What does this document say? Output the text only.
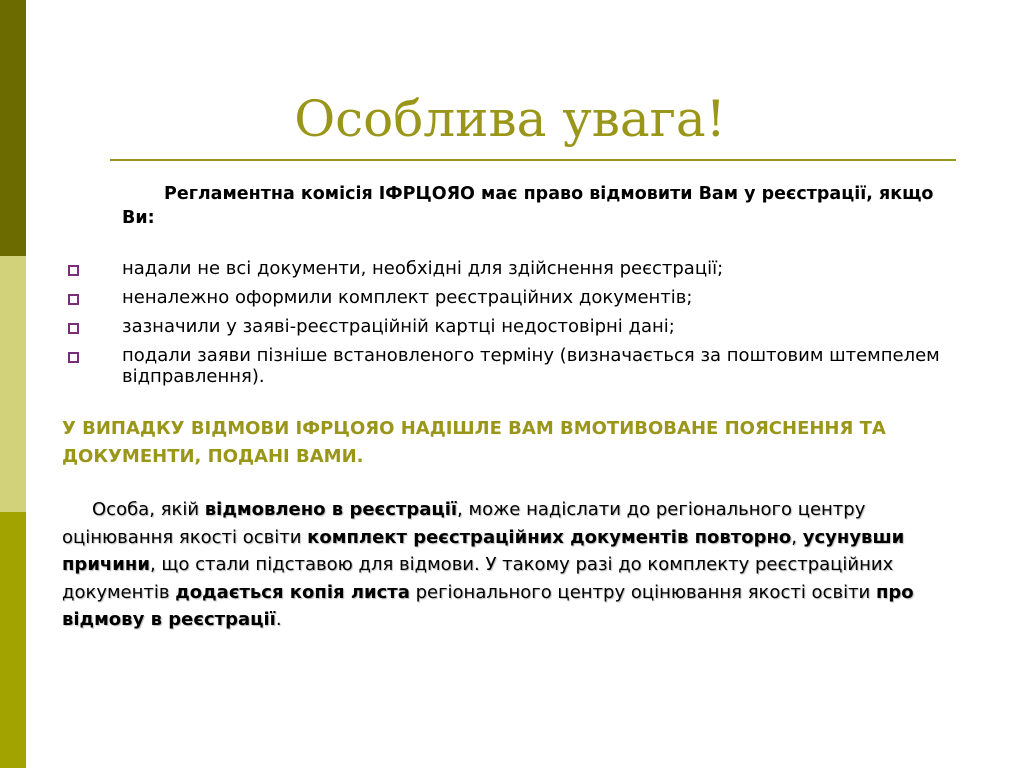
Особлива увага!

Регламентна комісія ІФРЦОЯО має право відмовити Вам у реєстрації, якщо Ви:

надали не всі документи, необхідні для здійснення реєстрації;
неналежно оформили комплект реєстраційних документів;
зазначили у заяві-реєстраційній картці недостовірні дані;
подали заяви пізніше встановленого терміну (визначається за поштовим штемпелем відправлення).

У ВИПАДКУ ВІДМОВИ ІФРЦОЯО НАДІШЛЕ ВАМ ВМОТИВОВАНЕ ПОЯСНЕННЯ ТА ДОКУМЕНТИ, ПОДАНІ ВАМИ.

Особа, якій відмовлено в реєстрації, може надіслати до регіонального центру оцінювання якості освіти комплект реєстраційних документів повторно, усунувши причини, що стали підставою для відмови. У такому разі до комплекту реєстраційних документів додається копія листа регіонального центру оцінювання якості освіти про відмову в реєстрації.
